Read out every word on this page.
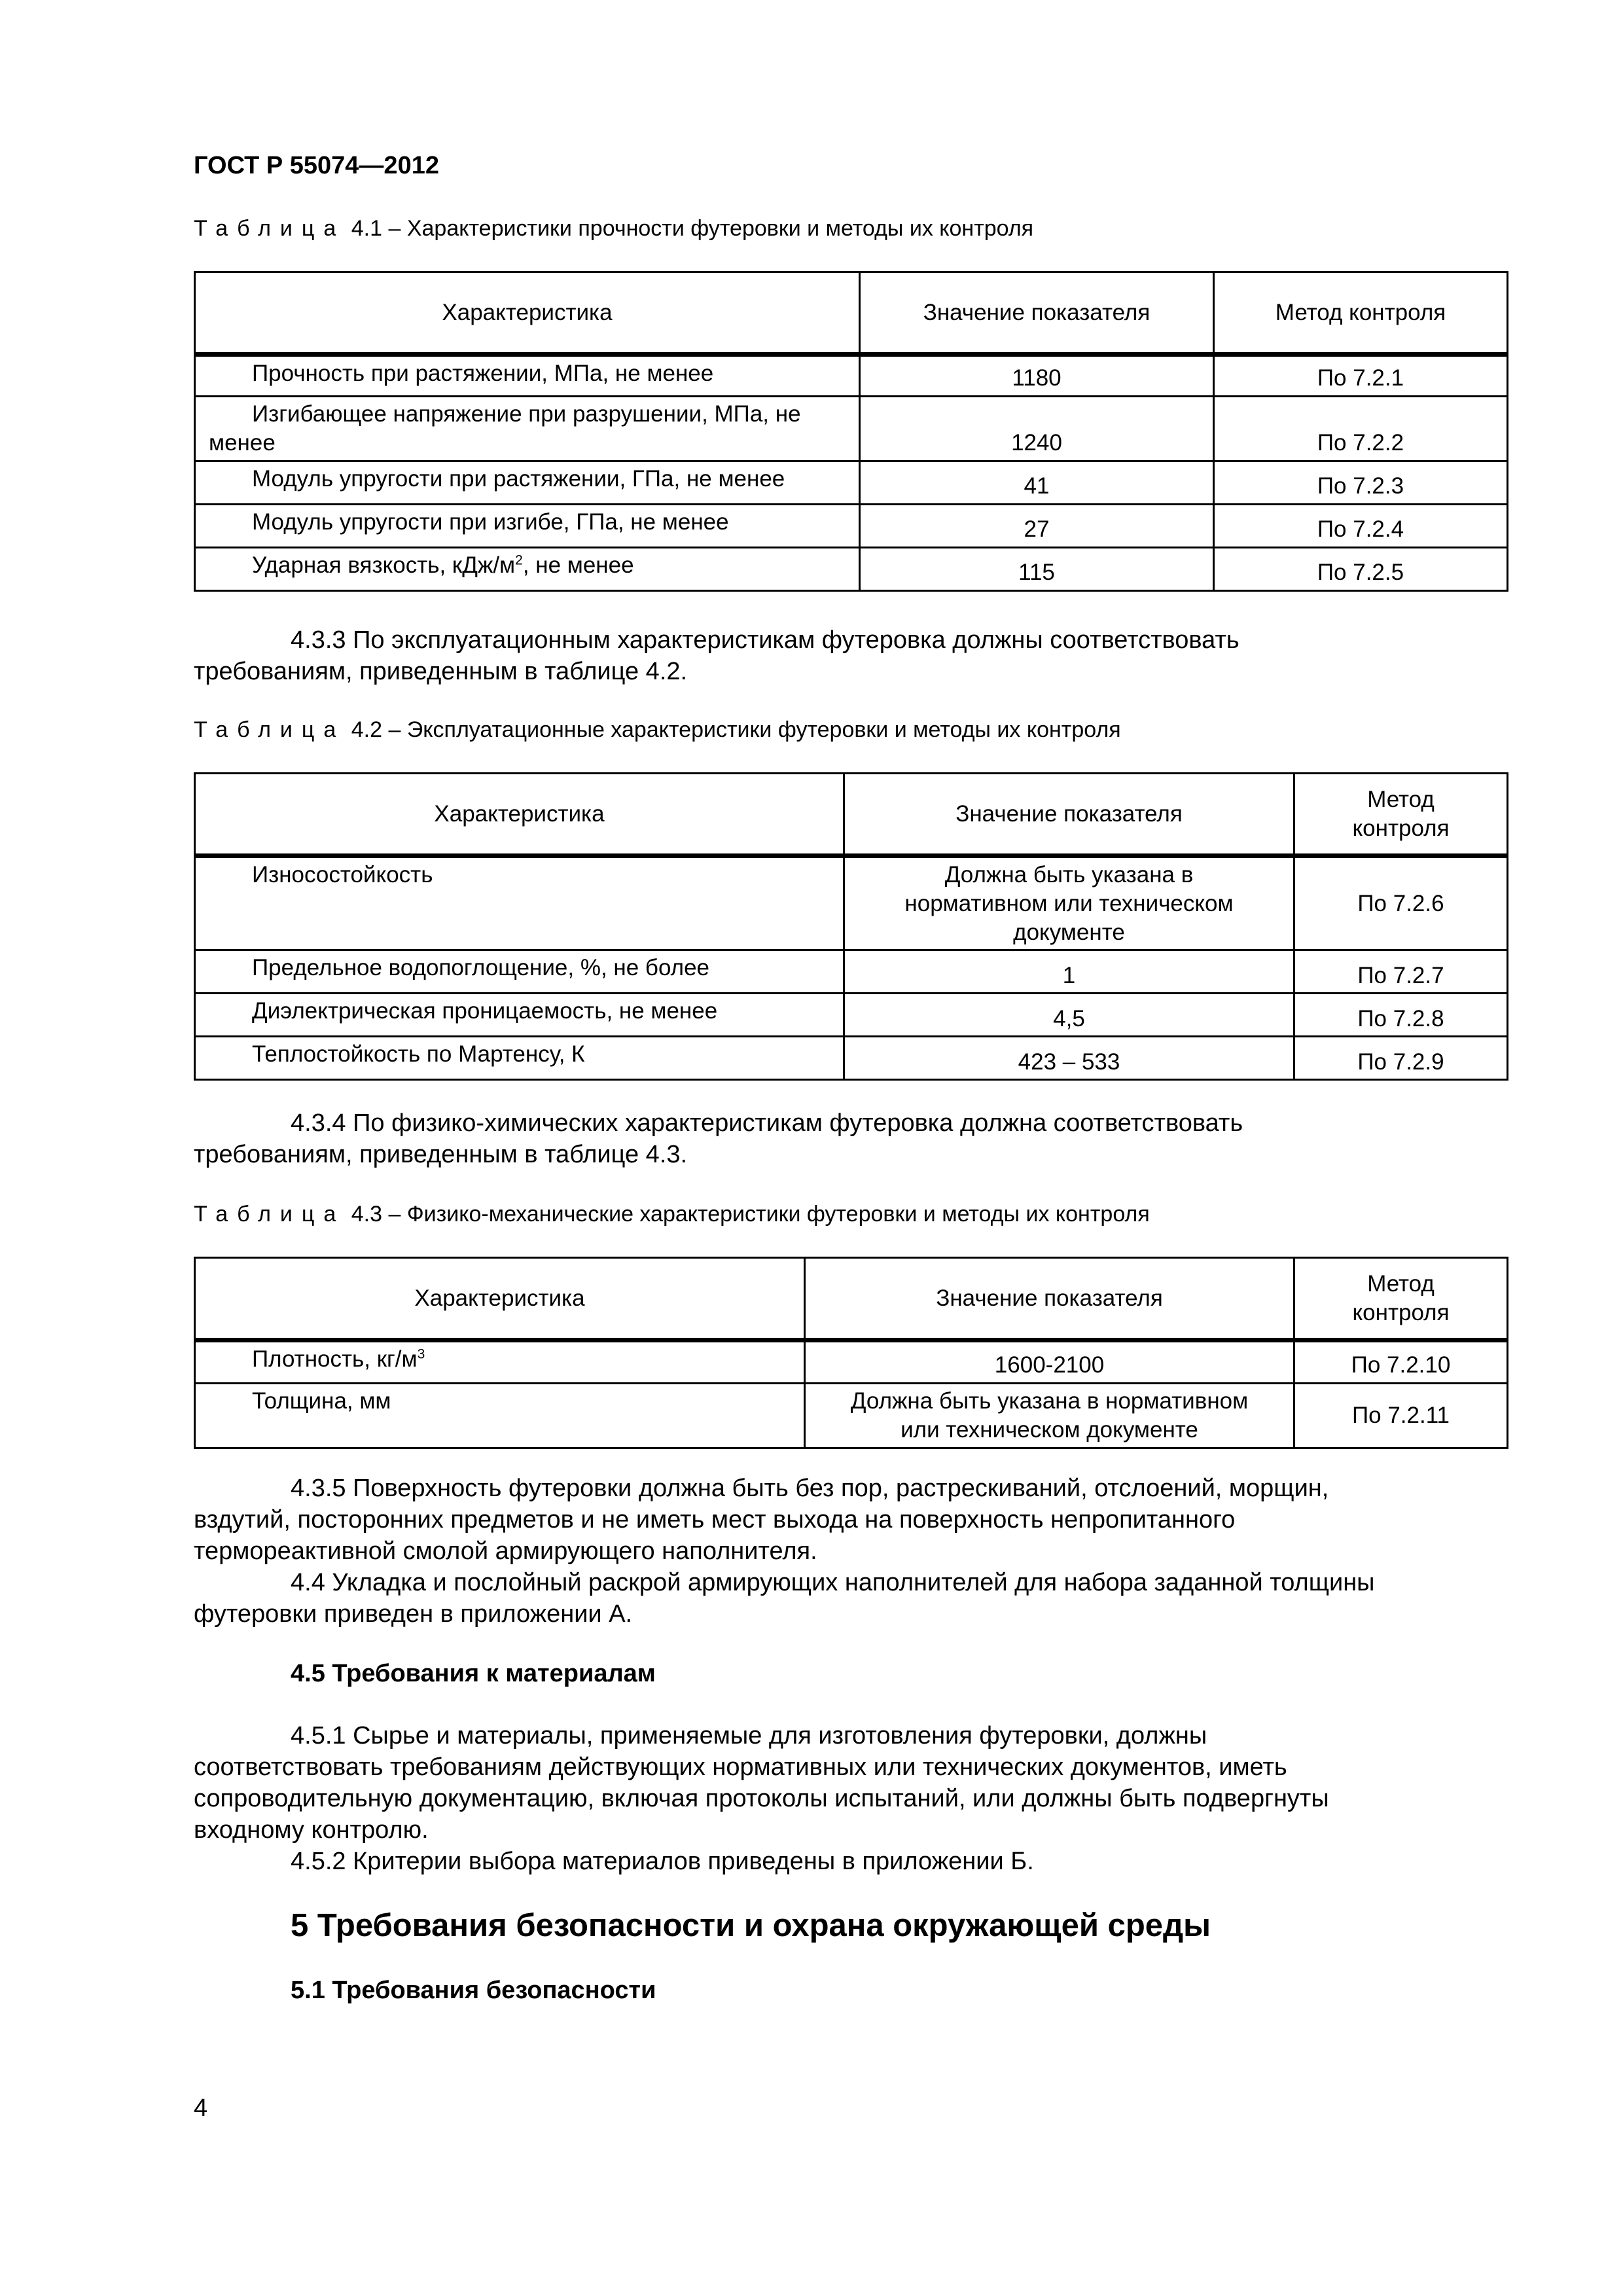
ГОСТ Р 55074—2012
Таблица 4.1 – Характеристики прочности футеровки и методы их контроля
Характеристика	Значение показателя	Метод контроля
Прочность при растяжении, МПа, не менее	1180	По 7.2.1
Изгибающее напряжение при разрушении, МПа, не
менее	1240	По 7.2.2
Модуль упругости при растяжении, ГПа, не менее	41	По 7.2.3
Модуль упругости при изгибе, ГПа, не менее	27	По 7.2.4
Ударная вязкость, кДж/$м^2$, не менее	115	По 7.2.5
4.3.3 По эксплуатационным характеристикам футеровка должны соответствовать
требованиям, приведенным в таблице 4.2.
Таблица 4.2 – Эксплуатационные характеристики футеровки и методы их контроля
Характеристика	Значение показателя	Метод
контроля
Износостойкость	Должна быть указана в
нормативном или техническом
документе	По 7.2.6
Предельное водопоглощение, %, не более	1	По 7.2.7
Диэлектрическая проницаемость, не менее	4,5	По 7.2.8
Теплостойкость по Мартенсу, К	423 – 533	По 7.2.9
4.3.4 По физико-химических характеристикам футеровка должна соответствовать
требованиям, приведенным в таблице 4.3.
Таблица 4.3 – Физико-механические характеристики футеровки и методы их контроля
Характеристика	Значение показателя	Метод
контроля
Плотность, $кг/м^3$	1600-2100	По 7.2.10
Толщина, мм	Должна быть указана в нормативном
или техническом документе	По 7.2.11
4.3.5 Поверхность футеровки должна быть без пор, растрескиваний, отслоений, морщин,
вздутий, посторонних предметов и не иметь мест выхода на поверхность непропитанного
термореактивной смолой армирующего наполнителя.
4.4 Укладка и послойный раскрой армирующих наполнителей для набора заданной толщины
футеровки приведен в приложении А.
4.5 Требования к материалам
4.5.1 Сырье и материалы, применяемые для изготовления футеровки, должны
соответствовать требованиям действующих нормативных или технических документов, иметь
сопроводительную документацию, включая протоколы испытаний, или должны быть подвергнуты
входному контролю.
4.5.2 Критерии выбора материалов приведены в приложении Б.
5 Требования безопасности и охрана окружающей среды
5.1 Требования безопасности
4
